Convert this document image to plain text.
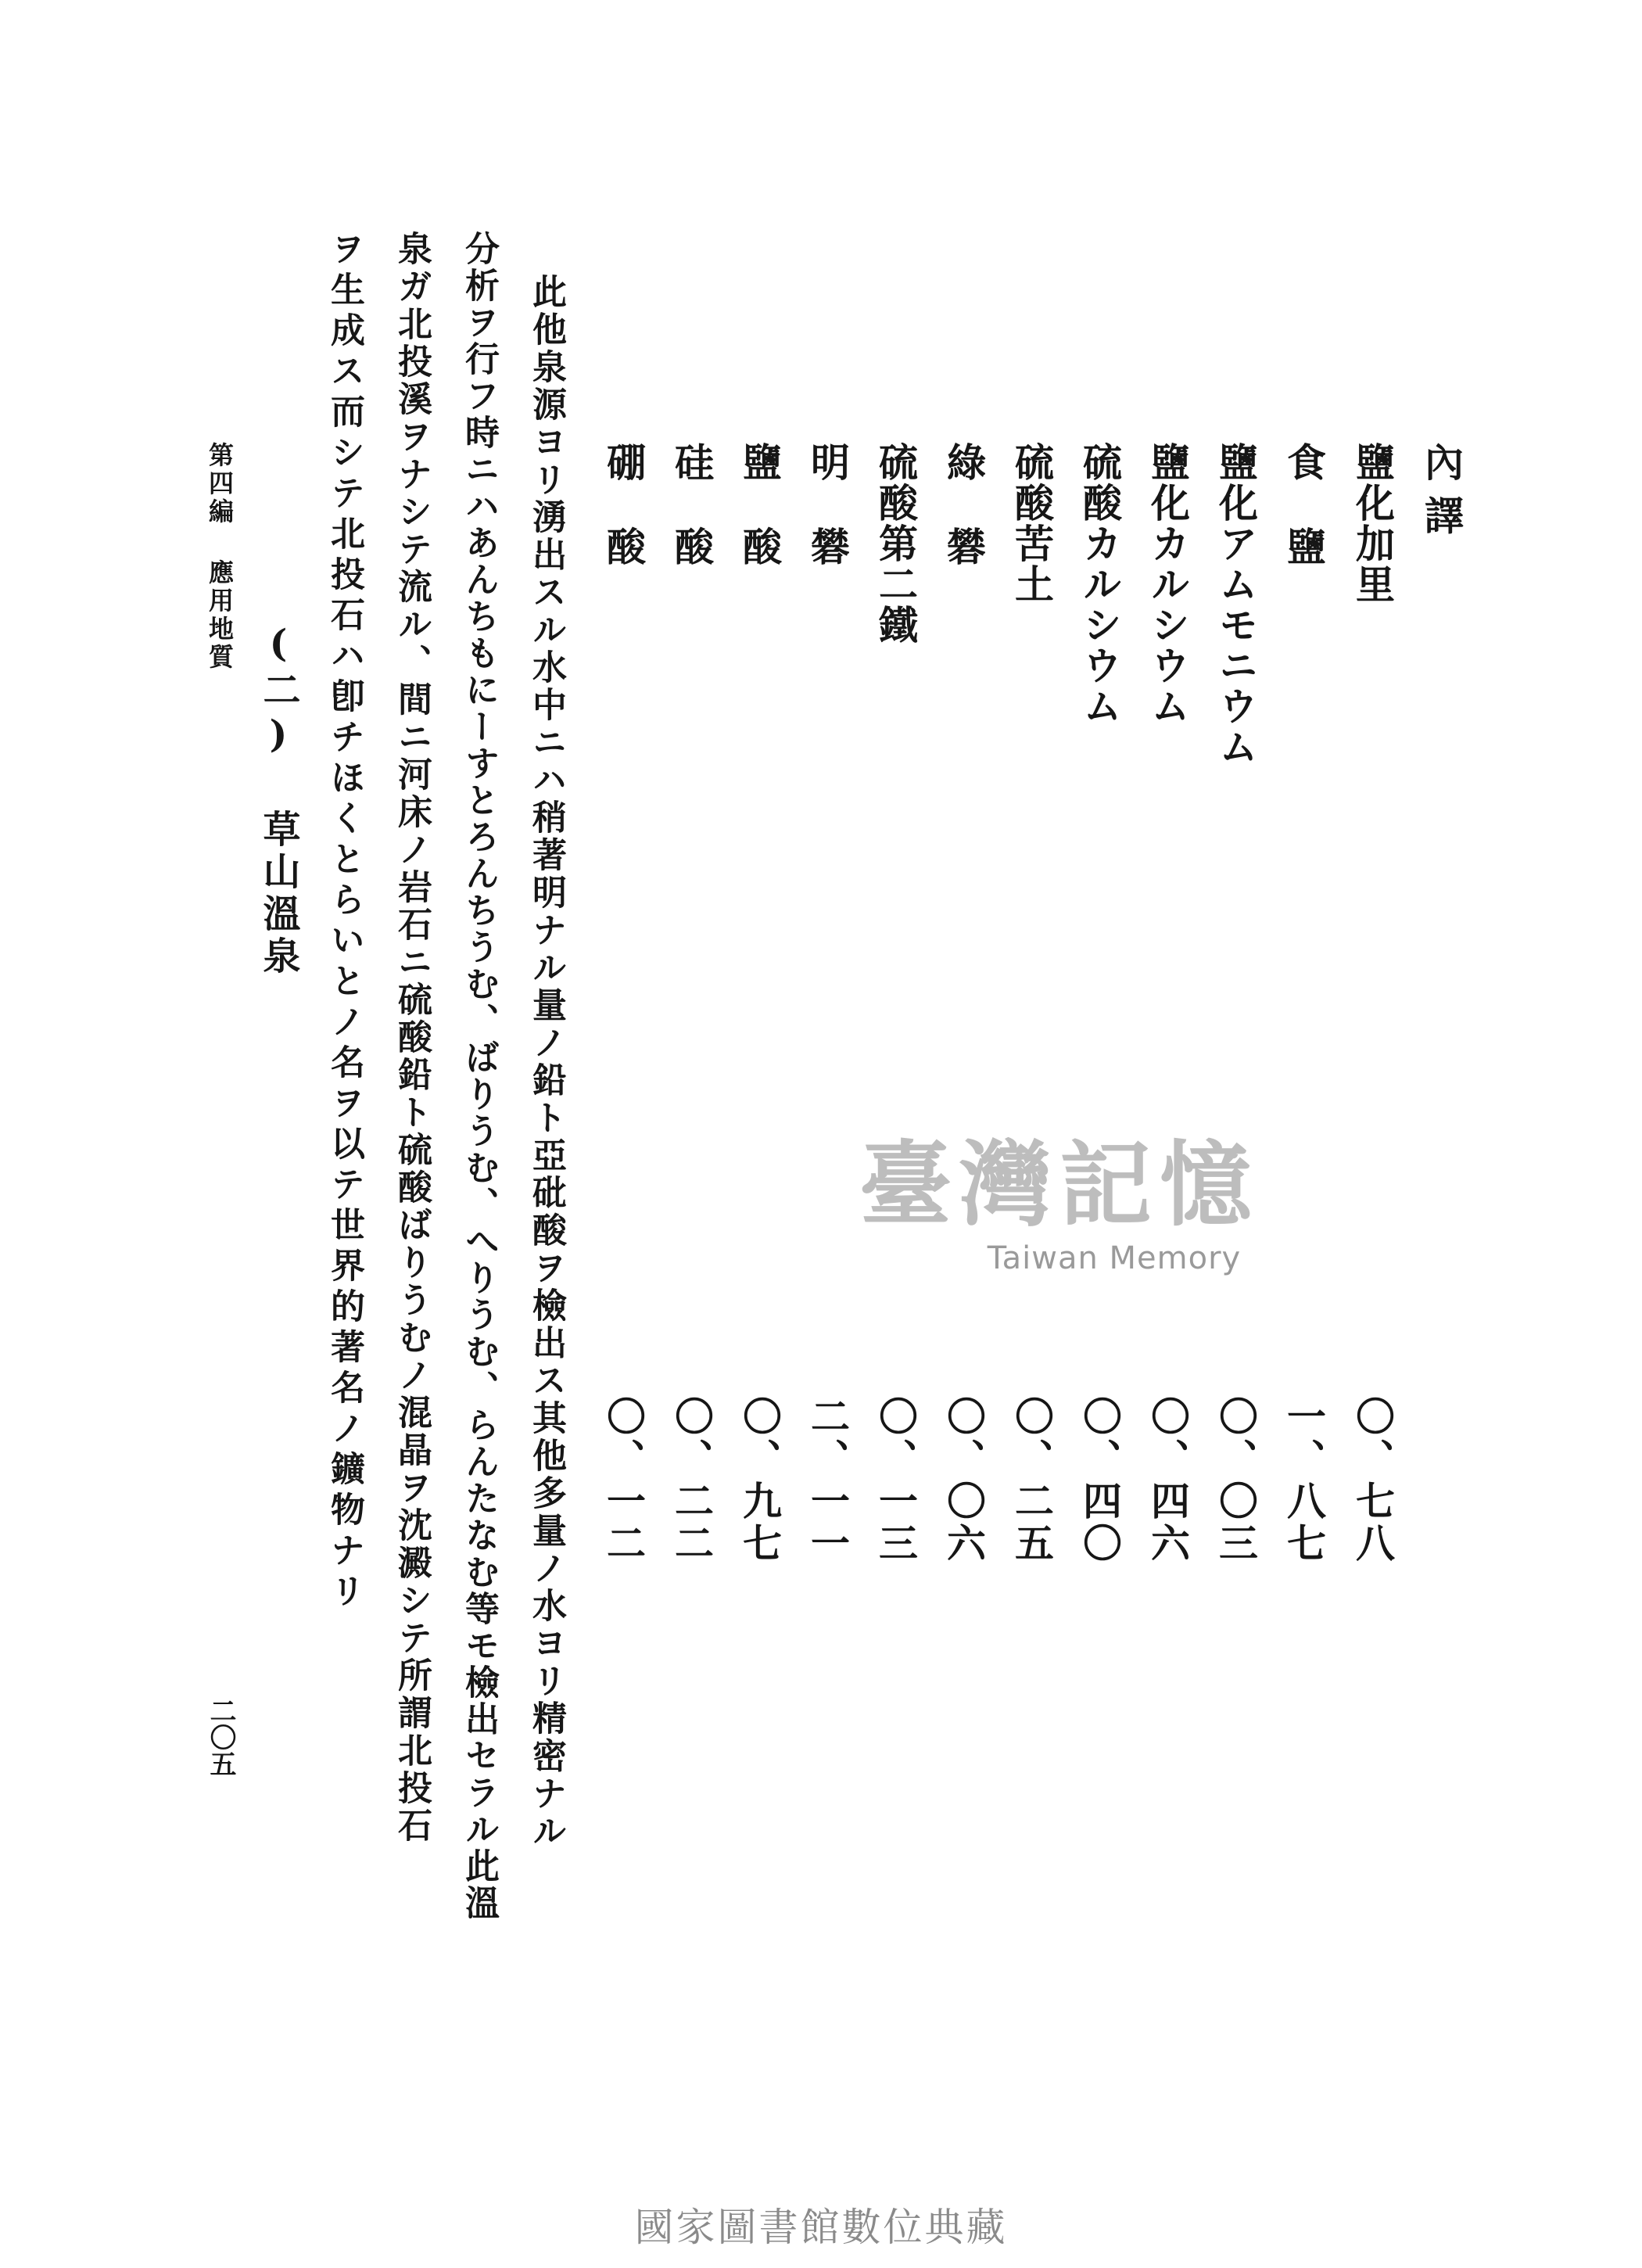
內譯
鹽化加里
〇、七八
食鹽
一、八七
鹽化アムモニウム
〇、〇三
鹽化カルシウム
〇、四六
硫酸カルシウム
〇、四〇
硫酸苦土
〇、二五
綠礬
〇、〇六
硫酸第二鐵
〇、一三
明礬
二、一一
鹽酸
〇、九七
硅酸
〇、二二
硼酸
〇、一二
此他泉源ヨリ湧出スル水中ニハ稍著明ナル量ノ鉛ト亞砒酸ヲ檢出ス其他多量ノ水ヨリ精密ナル
分析ヲ行フ時ニハあんちもにーすとろんちうむ、ばりうむ、へりうむ、らんたなむ等モ檢出セラル此溫
泉ガ北投溪ヲナシテ流ル、間ニ河床ノ岩石ニ硫酸鉛ト硫酸ばりうむノ混晶ヲ沈澱シテ所謂北投石
ヲ生成ス而シテ北投石ハ卽チほくとらいとノ名ヲ以テ世界的著名ノ鑛物ナリ
(二) 草山溫泉
第四編 應用地質
二〇五
臺灣記憶
Taiwan Memory
國家圖書館數位典藏
